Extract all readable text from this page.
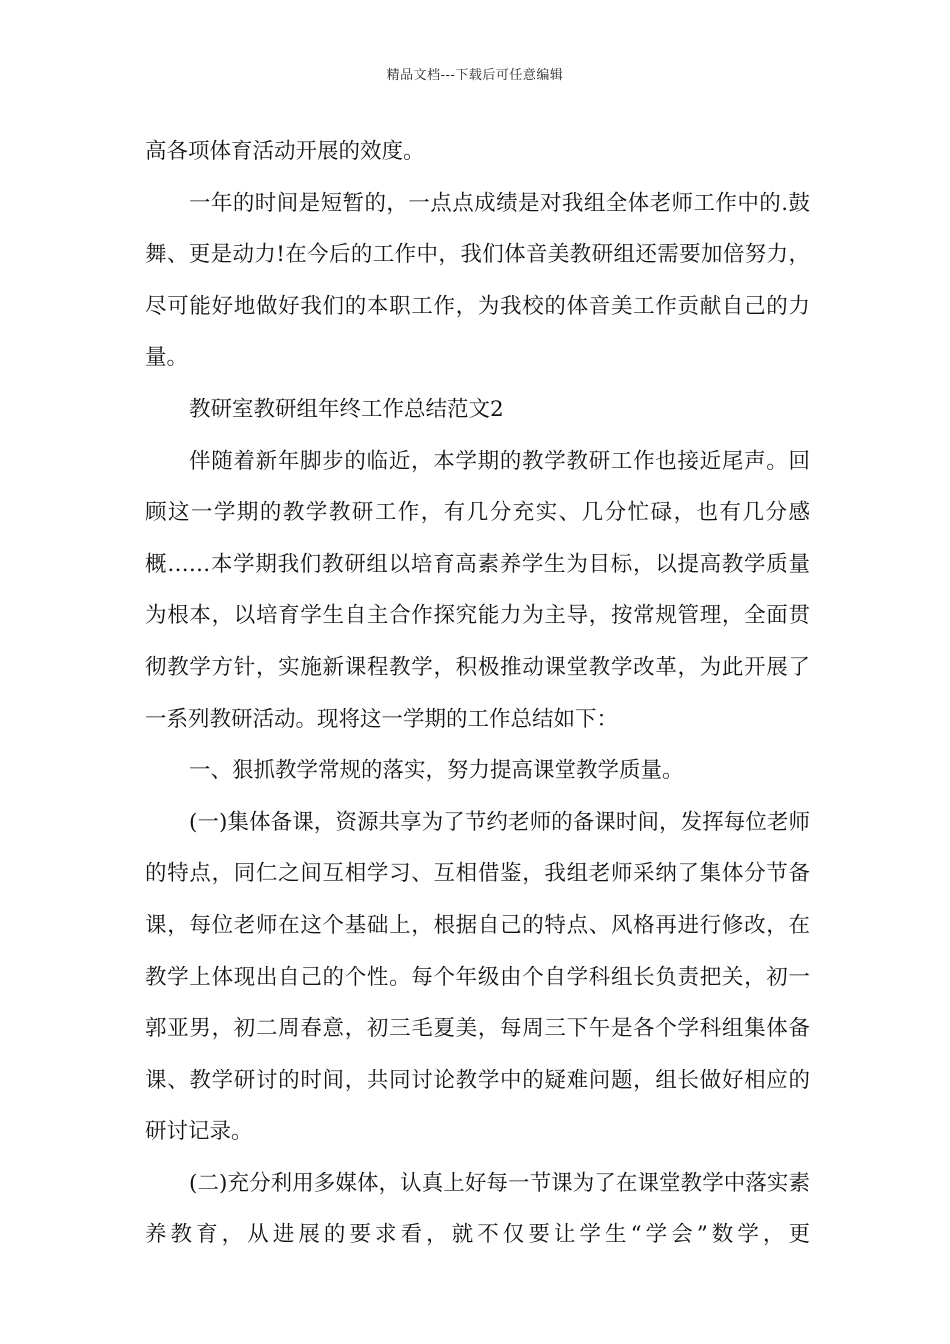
精品文档---下载后可任意编辑

高各项体育活动开展的效度。

一年的时间是短暂的，一点点成绩是对我组全体老师工作中的.鼓舞、更是动力!在今后的工作中，我们体音美教研组还需要加倍努力，尽可能好地做好我们的本职工作，为我校的体音美工作贡献自己的力量。

教研室教研组年终工作总结范文2

伴随着新年脚步的临近，本学期的教学教研工作也接近尾声。回顾这一学期的教学教研工作，有几分充实、几分忙碌，也有几分感概……本学期我们教研组以培育高素养学生为目标，以提高教学质量为根本，以培育学生自主合作探究能力为主导，按常规管理，全面贯彻教学方针，实施新课程教学，积极推动课堂教学改革，为此开展了一系列教研活动。现将这一学期的工作总结如下：

一、狠抓教学常规的落实，努力提高课堂教学质量。

(一)集体备课，资源共享为了节约老师的备课时间，发挥每位老师的特点，同仁之间互相学习、互相借鉴，我组老师采纳了集体分节备课，每位老师在这个基础上，根据自己的特点、风格再进行修改，在教学上体现出自己的个性。每个年级由个自学科组长负责把关，初一郭亚男，初二周春意，初三毛夏美，每周三下午是各个学科组集体备课、教学研讨的时间，共同讨论教学中的疑难问题，组长做好相应的研讨记录。

(二)充分利用多媒体，认真上好每一节课为了在课堂教学中落实素养教育，从进展的要求看，就不仅要让学生“学会”数学，更
